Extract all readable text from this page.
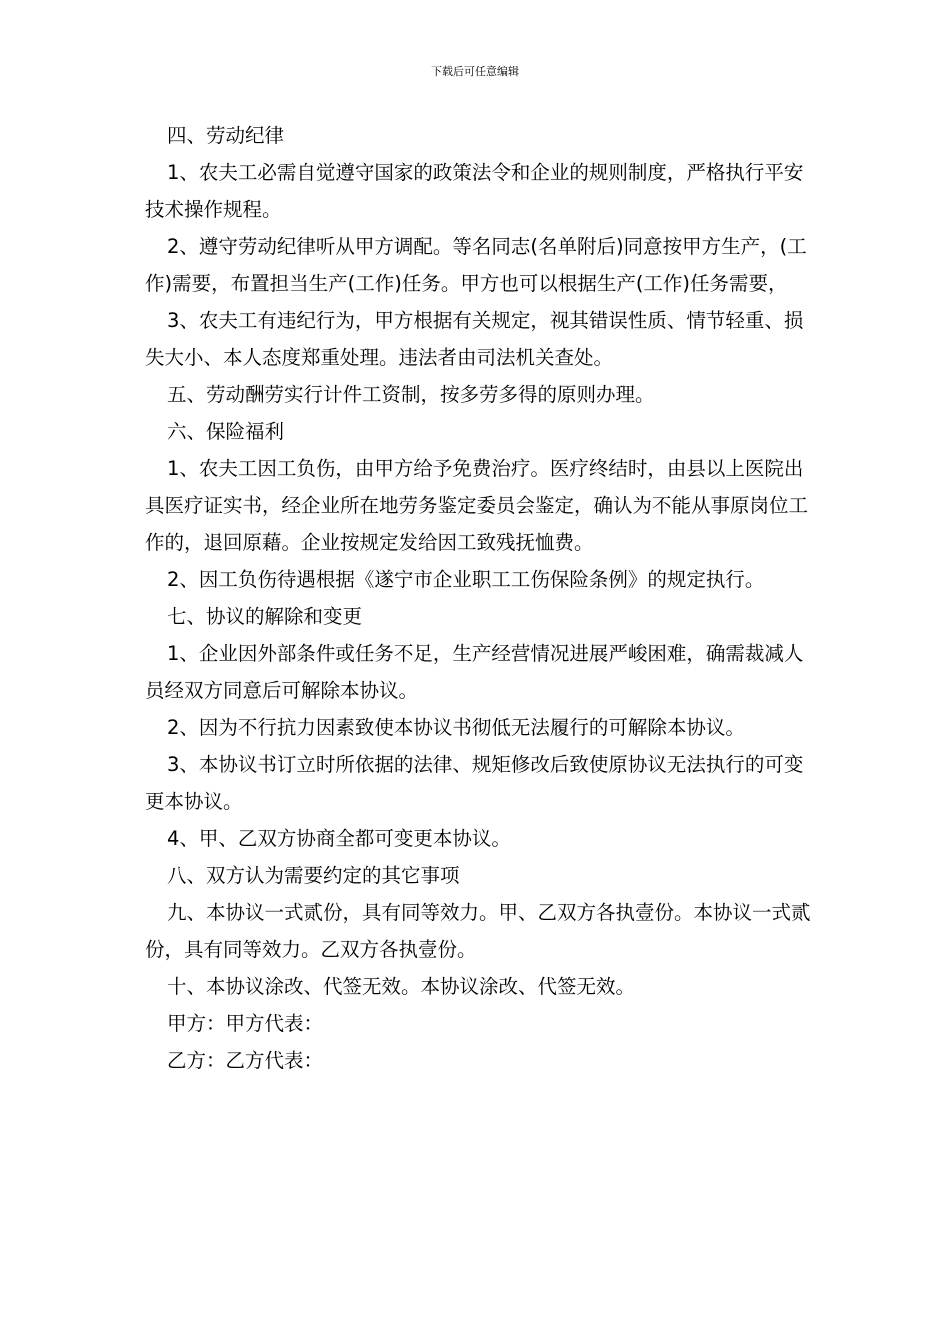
下载后可任意编辑

四、劳动纪律

1、农夫工必需自觉遵守国家的政策法令和企业的规则制度，严格执行平安技术操作规程。

2、遵守劳动纪律听从甲方调配。等名同志(名单附后)同意按甲方生产，(工作)需要，布置担当生产(工作)任务。甲方也可以根据生产(工作)任务需要，

3、农夫工有违纪行为，甲方根据有关规定，视其错误性质、情节轻重、损失大小、本人态度郑重处理。违法者由司法机关查处。

五、劳动酬劳实行计件工资制，按多劳多得的原则办理。

六、保险福利

1、农夫工因工负伤，由甲方给予免费治疗。医疗终结时，由县以上医院出具医疗证实书，经企业所在地劳务鉴定委员会鉴定，确认为不能从事原岗位工作的，退回原藉。企业按规定发给因工致残抚恤费。

2、因工负伤待遇根据《遂宁市企业职工工伤保险条例》的规定执行。

七、协议的解除和变更

1、企业因外部条件或任务不足，生产经营情况进展严峻困难，确需裁减人员经双方同意后可解除本协议。

2、因为不行抗力因素致使本协议书彻低无法履行的可解除本协议。

3、本协议书订立时所依据的法律、规矩修改后致使原协议无法执行的可变更本协议。

4、甲、乙双方协商全都可变更本协议。

八、双方认为需要约定的其它事项

九、本协议一式贰份，具有同等效力。甲、乙双方各执壹份。本协议一式贰份，具有同等效力。乙双方各执壹份。

十、本协议涂改、代签无效。本协议涂改、代签无效。

甲方：甲方代表：

乙方：乙方代表：
